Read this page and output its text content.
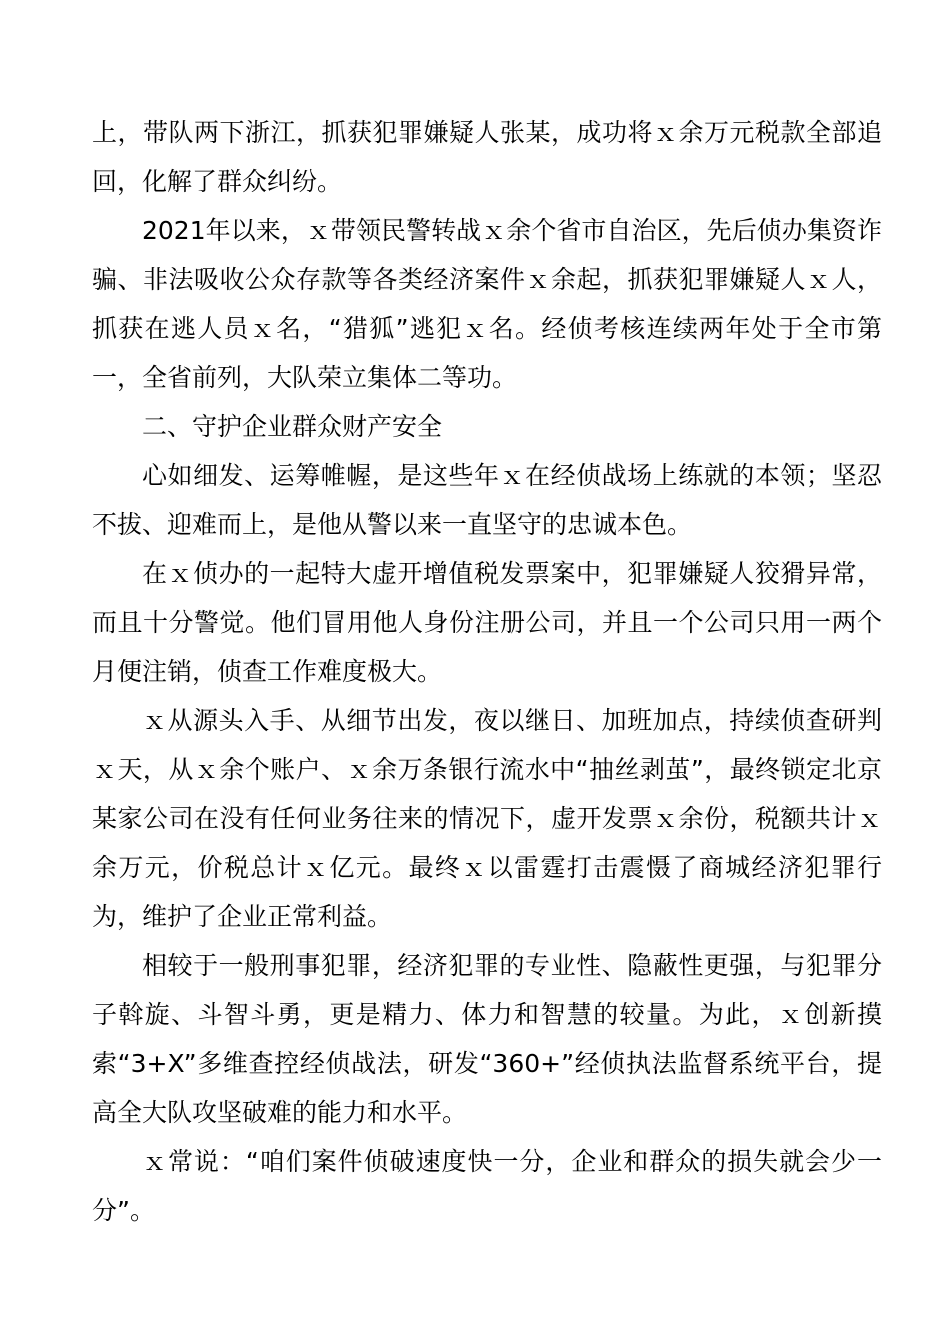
上，带队两下浙江，抓获犯罪嫌疑人张某，成功将ｘ余万元税款全部追回，化解了群众纠纷。

2021年以来，ｘ带领民警转战ｘ余个省市自治区，先后侦办集资诈骗、非法吸收公众存款等各类经济案件ｘ余起，抓获犯罪嫌疑人ｘ人，抓获在逃人员ｘ名，“猎狐”逃犯ｘ名。经侦考核连续两年处于全市第一，全省前列，大队荣立集体二等功。

二、守护企业群众财产安全

心如细发、运筹帷幄，是这些年ｘ在经侦战场上练就的本领；坚忍不拔、迎难而上，是他从警以来一直坚守的忠诚本色。

在ｘ侦办的一起特大虚开增值税发票案中，犯罪嫌疑人狡猾异常，而且十分警觉。他们冒用他人身份注册公司，并且一个公司只用一两个月便注销，侦查工作难度极大。

ｘ从源头入手、从细节出发，夜以继日、加班加点，持续侦查研判ｘ天，从ｘ余个账户、ｘ余万条银行流水中“抽丝剥茧”，最终锁定北京某家公司在没有任何业务往来的情况下，虚开发票ｘ余份，税额共计ｘ余万元，价税总计ｘ亿元。最终ｘ以雷霆打击震慑了商城经济犯罪行为，维护了企业正常利益。

相较于一般刑事犯罪，经济犯罪的专业性、隐蔽性更强，与犯罪分子斡旋、斗智斗勇，更是精力、体力和智慧的较量。为此，ｘ创新摸索“3+X”多维查控经侦战法，研发“360+”经侦执法监督系统平台，提高全大队攻坚破难的能力和水平。

ｘ常说：“咱们案件侦破速度快一分，企业和群众的损失就会少一分”。
